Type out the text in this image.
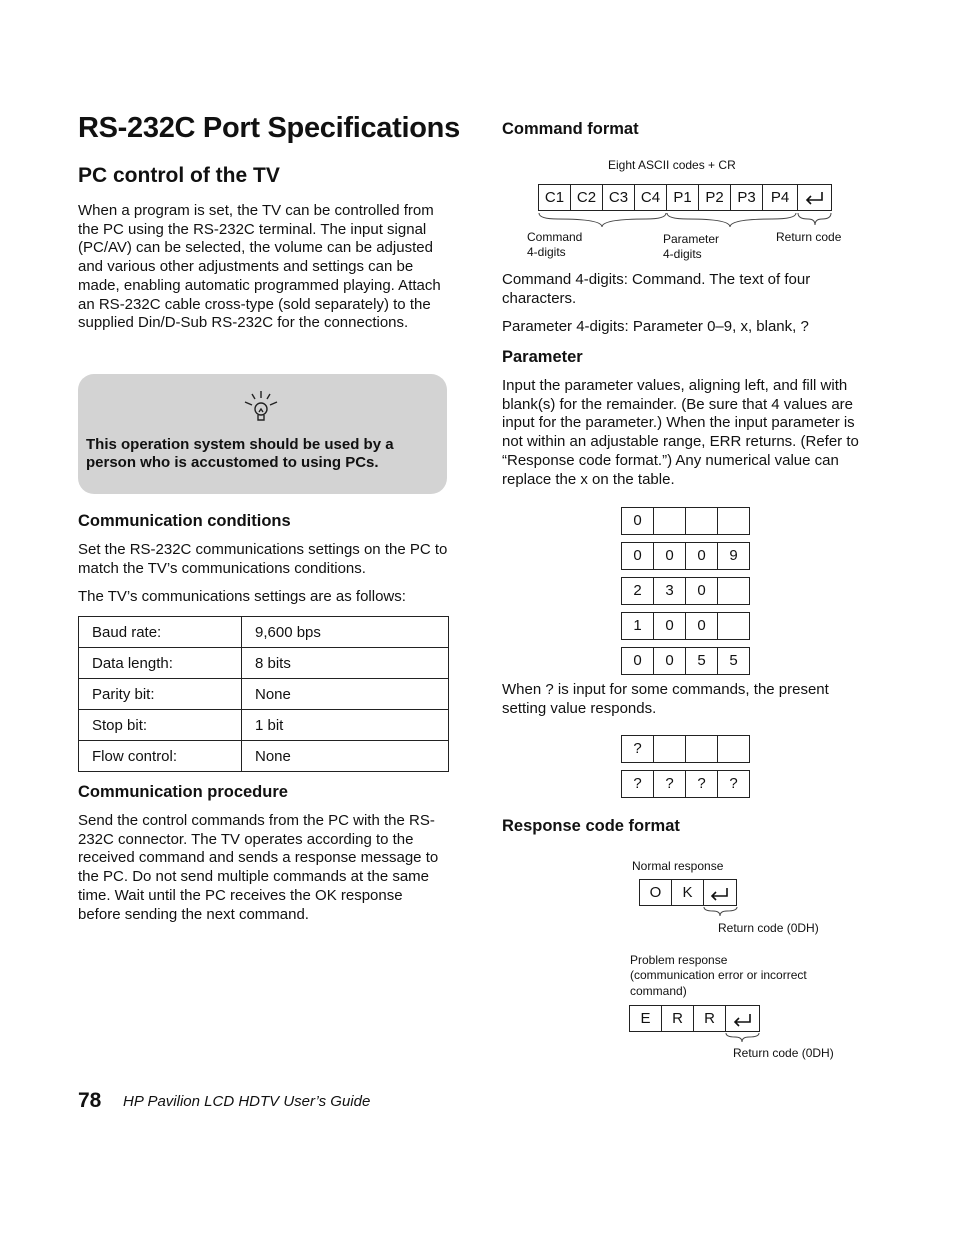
RS-232C Port Specifications
PC control of the TV

When a program is set, the TV can be controlled from the PC using the RS-232C terminal. The input signal (PC/AV) can be selected, the volume can be adjusted and various other adjustments and settings can be made, enabling automatic programmed playing. Attach an RS-232C cable cross-type (sold separately) to the supplied Din/D-Sub RS-232C for the connections.

This operation system should be used by a person who is accustomed to using PCs.
Communication conditions

Set the RS-232C communications settings on the PC to match the TV’s communications conditions.

The TV’s communications settings are as follows:

Baud rate:	9,600 bps
Data length:	8 bits
Parity bit:	None
Stop bit:	1 bit
Flow control:	None
Communication procedure

Send the control commands from the PC with the RS-232C connector. The TV operates according to the received command and sends a response message to the PC. Do not send multiple commands at the same time. Wait until the PC receives the OK response before sending the next command.

Command format
Eight ASCII codes + CR
C1 C2 C3 C4 P1 P2 P3	P4
Command
4-digits
Parameter
4-digits
Return code

Command 4-digits: Command. The text of four characters.

Parameter 4-digits: Parameter 0–9, x, blank, ?

Parameter

Input the parameter values, aligning left, and fill with blank(s) for the remainder. (Be sure that 4 values are input for the parameter.) When the input parameter is not within an adjustable range, ERR returns. (Refer to “Response code format.”) Any numerical value can replace the x on the table.

0
0	0	0	9
2	3	0
1	0	0
0	0	5	5

When ? is input for some commands, the present setting value responds.

?
?	?	?	?
Response code format
Normal response
O	K
Return code (0DH)
Problem response
(communication error or incorrect
command)
E	R	R
Return code (0DH)
78 HP Pavilion LCD HDTV User’s Guide
